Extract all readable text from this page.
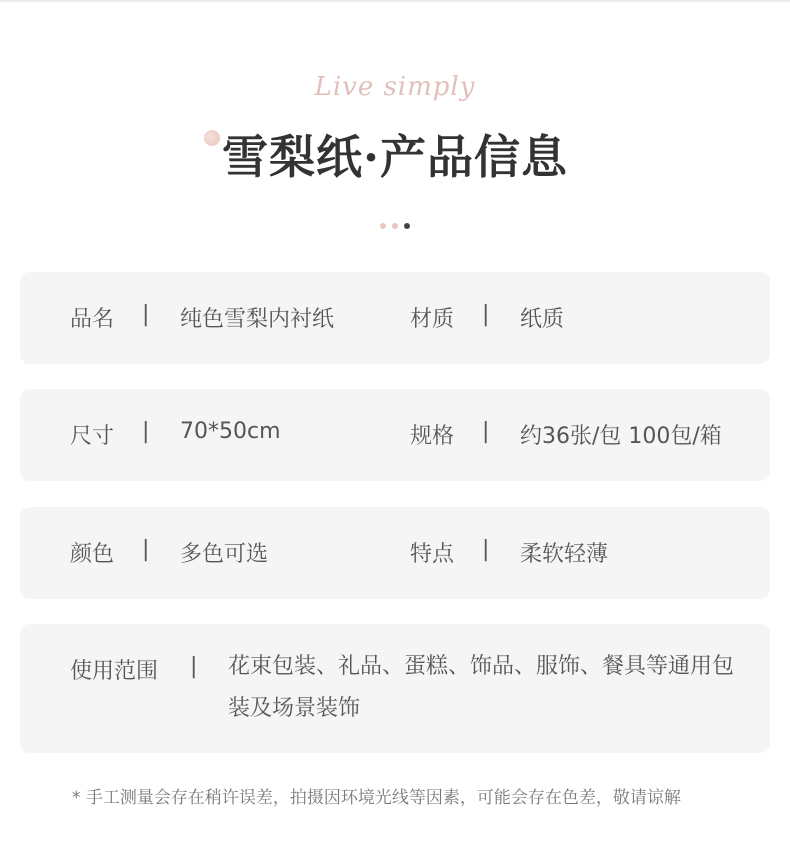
Live simply
雪梨纸·产品信息

品名 | 纯色雪梨内衬纸	材质 | 纸质
尺寸 | 70*50cm	规格 | 约36张/包 100包/箱
颜色 | 多色可选	特点 | 柔软轻薄
使用范围 | 花束包装、礼品、蛋糕、饰品、服饰、餐具等通用包装及场景装饰
* 手工测量会存在稍许误差，拍摄因环境光线等因素，可能会存在色差，敬请谅解
